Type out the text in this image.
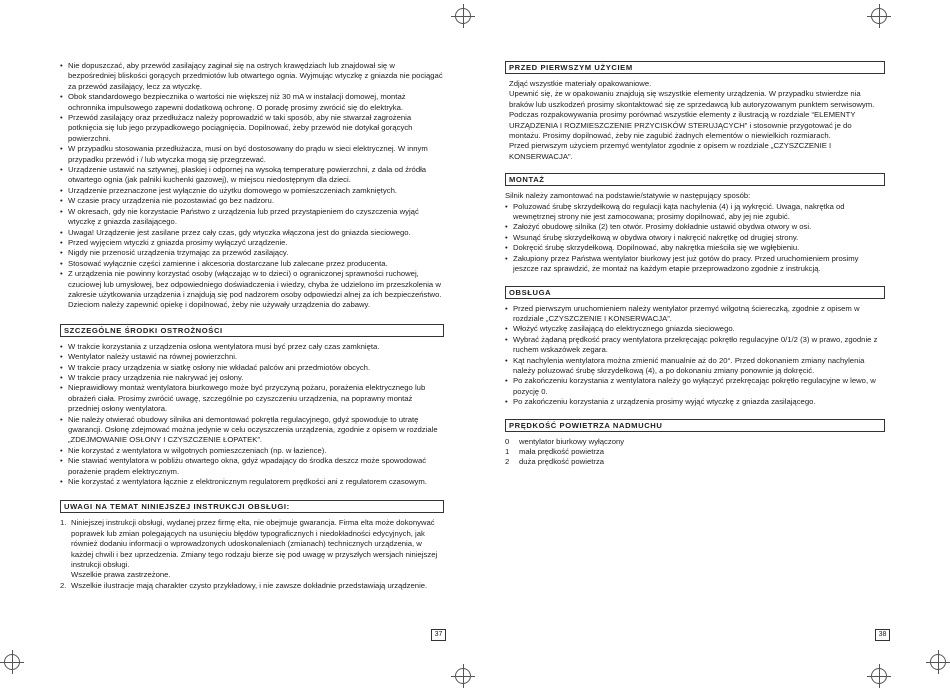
• Nie dopuszczać, aby przewód zasilający zaginał się na ostrych krawędziach lub znajdował się w bezpośredniej bliskości gorących przedmiotów lub otwartego ognia. Wyjmując wtyczkę z gniazda nie pociągać za przewód zasilający, lecz za wtyczkę.
• Obok standardowego bezpiecznika o wartości nie większej niż 30 mA w instalacji domowej, montaż ochronnika impulsowego zapewni dodatkową ochronę. O poradę prosimy zwrócić się do elektryka.
• Przewód zasilający oraz przedłużacz należy poprowadzić w taki sposób, aby nie stwarzał zagrożenia potknięcia się lub jego przypadkowego pociągnięcia. Dopilnować, żeby przewód nie dotykał gorących powierzchni.
• W przypadku stosowania przedłużacza, musi on być dostosowany do prądu w sieci elektrycznej. W innym przypadku przewód i / lub wtyczka mogą się przegrzewać.
• Urządzenie ustawić na sztywnej, płaskiej i odpornej na wysoką temperaturę powierzchni, z dala od źródła otwartego ognia (jak palniki kuchenki gazowej), w miejscu niedostępnym dla dzieci.
• Urządzenie przeznaczone jest wyłącznie do użytku domowego w pomieszczeniach zamkniętych.
• W czasie pracy urządzenia nie pozostawiać go bez nadzoru.
• W okresach, gdy nie korzystacie Państwo z urządzenia lub przed przystąpieniem do czyszczenia wyjąć wtyczkę z gniazda zasilającego.
• Uwaga! Urządzenie jest zasilane przez cały czas, gdy wtyczka włączona jest do gniazda sieciowego.
• Przed wyjęciem wtyczki z gniazda prosimy wyłączyć urządzenie.
• Nigdy nie przenosić urządzenia trzymając za przewód zasilający.
• Stosować wyłącznie części zamienne i akcesoria dostarczane lub zalecane przez producenta.
• Z urządzenia nie powinny korzystać osoby (włączając w to dzieci) o ograniczonej sprawności ruchowej, czuciowej lub umysłowej, bez odpowiedniego doświadczenia i wiedzy, chyba że udzielono im przeszkolenia w zakresie użytkowania urządzenia i znajdują się pod nadzorem osoby odpowiedzi alnej za ich bezpieczeństwo. Dzieciom należy zapewnić opiekę i dopilnować, żeby nie używały urządzenia do zabawy.
SZCZEGÓLNE ŚRODKI OSTROŻNOŚCI
• W trakcie korzystania z urządzenia osłona wentylatora musi być przez cały czas zamknięta.
• Wentylator należy ustawić na równej powierzchni.
• W trakcie pracy urządzenia w siatkę osłony nie wkładać palców ani przedmiotów obcych.
• W trakcie pracy urządzenia nie nakrywać jej osłony.
• Nieprawidłowy montaż wentylatora biurkowego może być przyczyną pożaru, porażenia elektrycznego lub obrażeń ciała. Prosimy zwrócić uwagę, szczególnie po czyszczeniu urządzenia, na poprawny montaż przedniej osłony wentylatora.
• Nie należy otwierać obudowy silnika ani demontować pokrętła regulacyjnego, gdyż spowoduje to utratę gwarancji. Osłonę zdejmować można jedynie w celu oczyszczenia urządzenia, zgodnie z opisem w rozdziale „ZDEJMOWANIE OSŁONY I CZYSZCZENIE ŁOPATEK”.
• Nie korzystać z wentylatora w wilgotnych pomieszczeniach (np. w łazience).
• Nie stawiać wentylatora w pobliżu otwartego okna, gdyż wpadający do środka deszcz może spowodować porażenie prądem elektrycznym.
• Nie korzystać z wentylatora łącznie z elektronicznym regulatorem prędkości ani z regulatorem czasowym.
UWAGI NA TEMAT NINIEJSZEJ INSTRUKCJI OBSŁUGI:
1. Niniejszej instrukcji obsługi, wydanej przez firmę elta, nie obejmuje gwarancja. Firma elta może dokonywać poprawek lub zmian polegających na usunięciu błędów typograficznych i niedokładności edycyjnych, jak również dodaniu informacji o wprowadzonych udoskonaleniach (zmianach) technicznych urządzenia, w każdej chwili i bez uprzedzenia. Zmiany tego rodzaju bierze się pod uwagę w przyszłych wersjach niniejszej instrukcji obsługi.
Wszelkie prawa zastrzeżone.
2. Wszelkie ilustracje mają charakter czysto przykładowy, i nie zawsze dokładnie przedstawiają urządzenie.
37
PRZED PIERWSZYM UŻYCIEM

Zdjąć wszystkie materiały opakowaniowe.

Upewnić się, że w opakowaniu znajdują się wszystkie elementy urządzenia. W przypadku stwierdze nia braków lub uszkodzeń prosimy skontaktować się ze sprzedawcą lub autoryzowanym punktem serwisowym.

Podczas rozpakowywania prosimy porównać wszystkie elementy z ilustracją w rozdziale “ELEMENTY URZĄDZENIA I ROZMIESZCZENIE PRZYCISKÓW STERUJĄCYCH” i stosownie przygotować je do montażu. Prosimy dopilnować, żeby nie zagubić żadnych elementów o niewielkich rozmiarach.

Przed pierwszym użyciem przemyć wentylator zgodnie z opisem w rozdziale „CZYSZCZENIE I KONSERWACJA”.

MONTAŻ

Silnik należy zamontować na podstawie/statywie w następujący sposób:

• Poluzować śrubę skrzydełkową do regulacji kąta nachylenia (4) i ją wykręcić. Uwaga, nakrętka od wewnętrznej strony nie jest zamocowana; prosimy dopilnować, aby jej nie zgubić.
• Założyć obudowę silnika (2) ten otwór. Prosimy dokładnie ustawić obydwa otwory w osi.
• Wsunąć śrubę skrzydełkową w obydwa otwory i nakręcić nakrętkę od drugiej strony.
• Dokręcić śrubę skrzydełkową. Dopilnować, aby nakrętka mieściła się we wgłębieniu.
• Zakupiony przez Państwa wentylator biurkowy jest już gotów do pracy. Przed uruchomieniem prosimy jeszcze raz sprawdzić, że montaż na każdym etapie przeprowadzono zgodnie z instrukcją.
OBSŁUGA
• Przed pierwszym uruchomieniem należy wentylator przemyć wilgotną ściereczką, zgodnie z opisem w rozdziale „CZYSZCZENIE I KONSERWACJA”.
• Włożyć wtyczkę zasilającą do elektrycznego gniazda sieciowego.
• Wybrać żądaną prędkość pracy wentylatora przekręcając pokrętło regulacyjne 0/1/2 (3) w prawo, zgodnie z ruchem wskazówek zegara.
• Kąt nachylenia wentylatora można zmienić manualnie aż do 20°. Przed dokonaniem zmiany nachylenia należy poluzować śrubę skrzydełkową (4), a po dokonaniu zmiany ponownie ją dokręcić.
• Po zakończeniu korzystania z wentylatora należy go wyłączyć przekręcając pokrętło regulacyjne w lewo, w pozycję 0.
• Po zakończeniu korzystania z urządzenia prosimy wyjąć wtyczkę z gniazda zasilającego.
PRĘDKOŚĆ POWIETRZA NADMUCHU
0	wentylator biurkowy wyłączony
1	mała prędkość powietrza
2	duża prędkość powietrza
38
